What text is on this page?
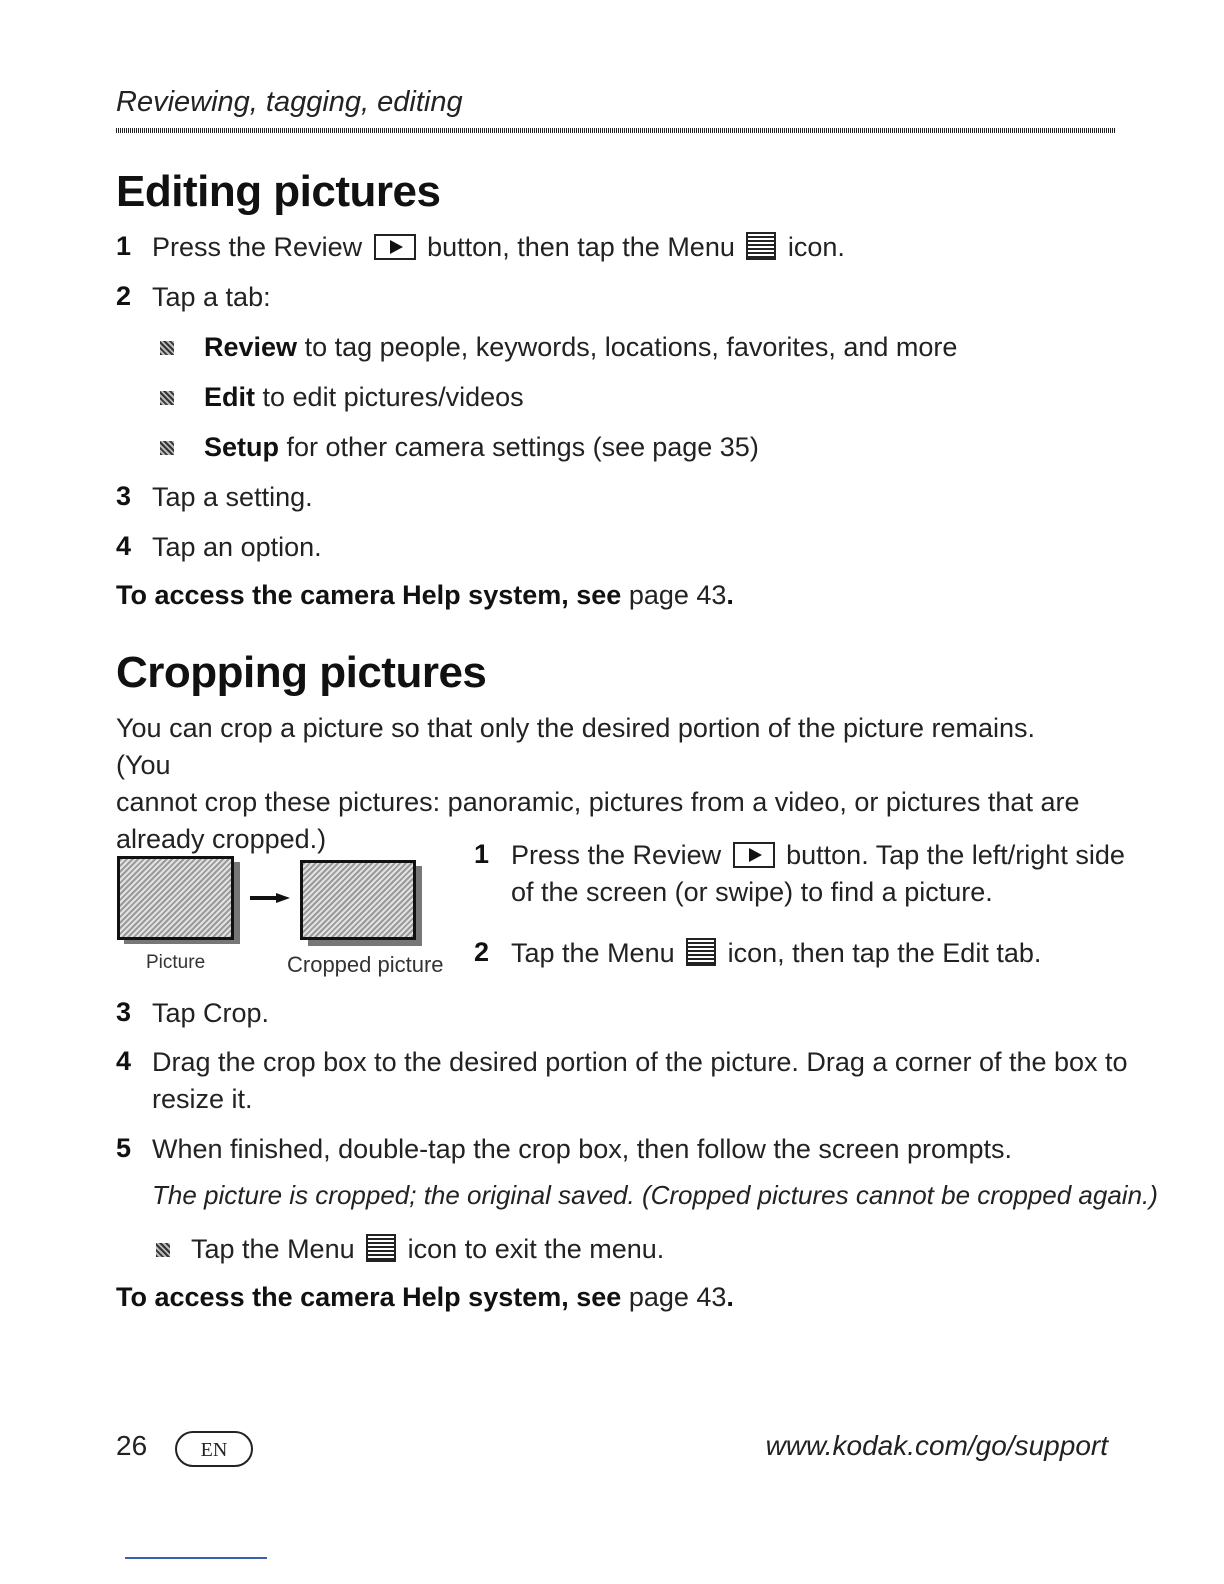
Reviewing, tagging, editing
Editing pictures
1 Press the Review button, then tap the Menu icon.
2 Tap a tab:
Review to tag people, keywords, locations, favorites, and more
Edit to edit pictures/videos
Setup for other camera settings (see page 35)
3 Tap a setting.
4 Tap an option.
To access the camera Help system, see page 43.
Cropping pictures
You can crop a picture so that only the desired portion of the picture remains. (You
cannot crop these pictures: panoramic, pictures from a video, or pictures that are
already cropped.)
Picture	Cropped picture
1 Press the Review button. Tap the left/right side
of the screen (or swipe) to find a picture.
2 Tap the Menu icon, then tap the Edit tab.
3 Tap Crop.
4 Drag the crop box to the desired portion of the picture. Drag a corner of the box to
resize it.
5 When finished, double-tap the crop box, then follow the screen prompts.
The picture is cropped; the original saved. (Cropped pictures cannot be cropped again.)
Tap the Menu icon to exit the menu.
To access the camera Help system, see page 43.
26	EN	www.kodak.com/go/support
